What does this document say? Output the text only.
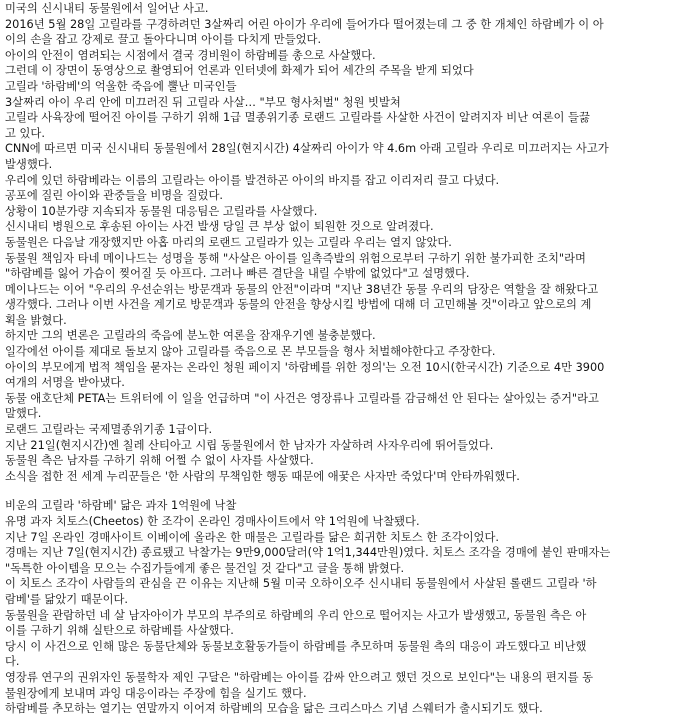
미국의 신시내티 동물원에서 일어난 사고.
2016년 5월 28일 고릴라를 구경하려던 3살짜리 어린 아이가 우리에 들어가다 떨어졌는데 그 중 한 개체인 하람베가 이 아
이의 손을 잡고 강제로 끌고 돌아다니며 아이를 다치게 만들었다.
아이의 안전이 염려되는 시점에서 결국 경비원이 하람베를 총으로 사살했다.
그런데 이 장면이 동영상으로 촬영되어 언론과 인터넷에 화제가 되어 세간의 주목을 받게 되었다
고릴라 '하람베'의 억울한 죽음에 뿔난 미국인들
3살짜리 아이 우리 안에 미끄러진 뒤 고릴라 사살… "부모 형사처벌" 청원 빗발쳐
고릴라 사육장에 떨어진 아이를 구하기 위해 1급 멸종위기종 로랜드 고릴라를 사살한 사건이 알려지자 비난 여론이 들끓
고 있다.
CNN에 따르면 미국 신시내티 동물원에서 28일(현지시간) 4살짜리 아이가 약 4.6m 아래 고릴라 우리로 미끄러지는 사고가
발생했다.
우리에 있던 하람베라는 이름의 고릴라는 아이를 발견하곤 아이의 바지를 잡고 이리저리 끌고 다녔다.
공포에 질린 아이와 관중들을 비명을 질렀다.
상황이 10분가량 지속되자 동물원 대응팀은 고릴라를 사살했다.
신시내티 병원으로 후송된 아이는 사건 발생 당일 큰 부상 없이 퇴원한 것으로 알려졌다.
동물원은 다음날 개장했지만 아홉 마리의 로랜드 고릴라가 있는 고릴라 우리는 열지 않았다.
동물원 책임자 타네 메이나드는 성명을 통해 "사살은 아이를 일촉즉발의 위험으로부터 구하기 위한 불가피한 조치"라며
"하람베를 잃어 가슴이 찢어질 듯 아프다. 그러나 빠른 결단을 내릴 수밖에 없었다"고 설명했다.
메이나드는 이어 "우리의 우선순위는 방문객과 동물의 안전"이라며 "지난 38년간 동물 우리의 담장은 역할을 잘 해왔다고
생각했다. 그러나 이번 사건을 계기로 방문객과 동물의 안전을 향상시킬 방법에 대해 더 고민해볼 것"이라고 앞으로의 계
획을 밝혔다.
하지만 그의 변론은 고릴라의 죽음에 분노한 여론을 잠재우기엔 불충분했다.
일각에선 아이를 제대로 돌보지 않아 고릴라를 죽음으로 몬 부모들을 형사 처벌해야한다고 주장한다.
아이의 부모에게 법적 책임을 묻자는 온라인 청원 페이지 '하람베를 위한 정의'는 오전 10시(한국시간) 기준으로 4만 3900
여개의 서명을 받아냈다.
동물 애호단체 PETA는 트위터에 이 일을 언급하며 "이 사건은 영장류나 고릴라를 감금해선 안 된다는 살아있는 증거"라고
말했다.
로랜드 고릴라는 국제멸종위기종 1급이다.
지난 21일(현지시간)엔 칠레 산티아고 시립 동물원에서 한 남자가 자살하려 사자우리에 뛰어들었다.
동물원 측은 남자를 구하기 위해 어쩔 수 없이 사자를 사살했다.
소식을 접한 전 세계 누리꾼들은 '한 사람의 무책임한 행동 때문에 애꿎은 사자만 죽었다'며 안타까워했다.
비운의 고릴라 '하람베' 닮은 과자 1억원에 낙찰
유명 과자 치토스(Cheetos) 한 조각이 온라인 경매사이트에서 약 1억원에 낙찰됐다.
지난 7일 온라인 경매사이트 이베이에 올라온 한 매물은 고릴라를 닮은 희귀한 치토스 한 조각이었다.
경매는 지난 7일(현지시간) 종료됐고 낙찰가는 9만9,000달러(약 1억1,344만원)였다. 치토스 조각을 경매에 붙인 판매자는
"독특한 아이템을 모으는 수집가들에게 좋은 물건일 것 같다"고 글을 통해 밝혔다.
이 치토스 조각이 사람들의 관심을 끈 이유는 지난해 5월 미국 오하이오주 신시내티 동물원에서 사살된 롤랜드 고릴라 '하
람베'를 닮았기 때문이다.
동물원을 관람하던 네 살 남자아이가 부모의 부주의로 하람베의 우리 안으로 떨어지는 사고가 발생했고, 동물원 측은 아
이를 구하기 위해 실탄으로 하람베를 사살했다.
당시 이 사건으로 인해 많은 동물단체와 동물보호활동가들이 하람베를 추모하며 동물원 측의 대응이 과도했다고 비난했
다.
영장류 연구의 권위자인 동물학자 제인 구달은 "하람베는 아이를 감싸 안으려고 했던 것으로 보인다"는 내용의 편지를 동
물원장에게 보내며 과잉 대응이라는 주장에 힘을 실기도 했다.
하람베를 추모하는 열기는 연말까지 이어져 하람베의 모습을 닮은 크리스마스 기념 스웨터가 출시되기도 했다.
